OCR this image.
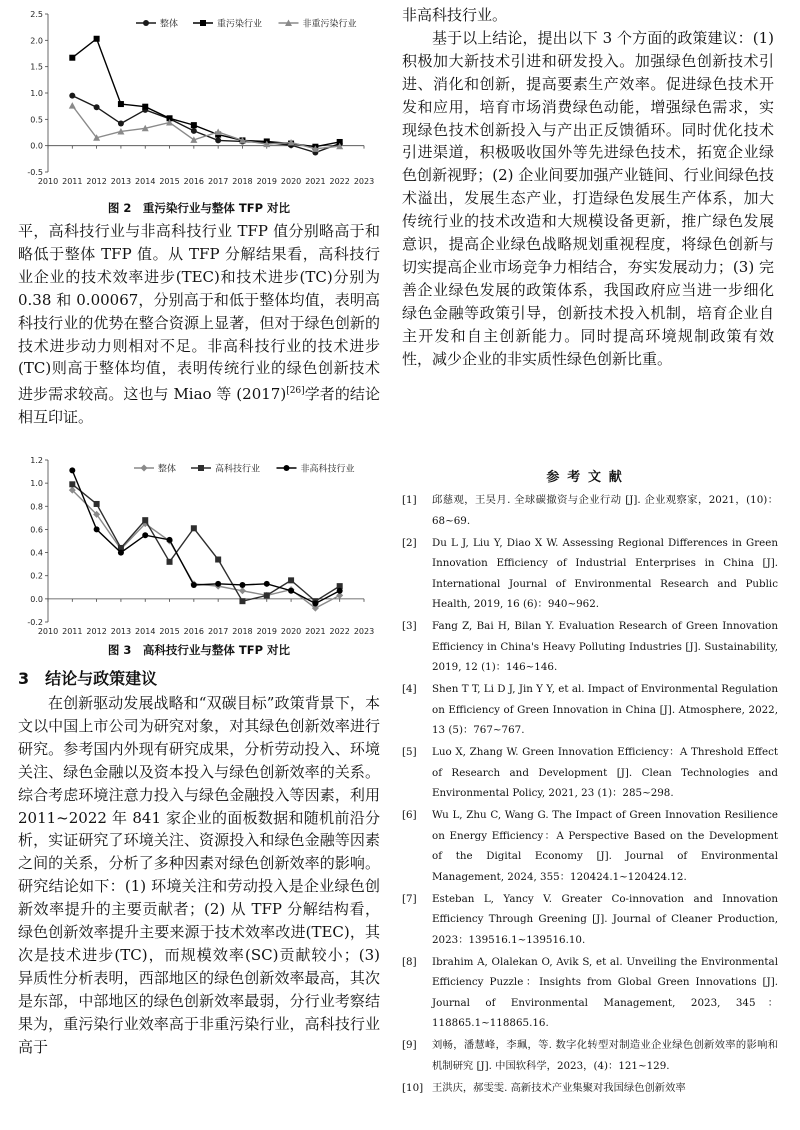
-0.5
0.0
0.5
1.0
1.5
2.0
2.5
2010 2011 2012 2013 2014 2015 2016 2017 2018 2019 2020 2021 2022 2023
整体	重污染行业	非重污染行业
图 2　重污染行业与整体 TFP 对比

平，高科技行业与非高科技行业 TFP 值分别略高于和略低于整体 TFP 值。从 TFP 分解结果看，高科技行业企业的技术效率进步(TEC)和技术进步(TC)分别为 0.38 和 0.00067，分别高于和低于整体均值，表明高科技行业的优势在整合资源上显著，但对于绿色创新的技术进步动力则相对不足。非高科技行业的技术进步(TC)则高于整体均值，表明传统行业的绿色创新技术进步需求较高。这也与 Miao 等 (2017)[26]学者的结论相互印证。

-0.2
0.0
0.2
0.4
0.6
0.8
1.0
1.2
2010 2011 2012 2013 2014 2015 2016 2017 2018 2019 2020 2021 2022 2023
整体	高科技行业	非高科技行业
图 3　高科技行业与整体 TFP 对比
3　结论与政策建议

在创新驱动发展战略和“双碳目标”政策背景下，本文以中国上市公司为研究对象，对其绿色创新效率进行研究。参考国内外现有研究成果，分析劳动投入、环境关注、绿色金融以及资本投入与绿色创新效率的关系。综合考虑环境注意力投入与绿色金融投入等因素，利用 2011~2022 年 841 家企业的面板数据和随机前沿分析，实证研究了环境关注、资源投入和绿色金融等因素之间的关系，分析了多种因素对绿色创新效率的影响。研究结论如下：(1) 环境关注和劳动投入是企业绿色创新效率提升的主要贡献者；(2) 从 TFP 分解结构看，绿色创新效率提升主要来源于技术效率改进(TEC)，其次是技术进步(TC)，而规模效率(SC)贡献较小；(3) 异质性分析表明，西部地区的绿色创新效率最高，其次是东部，中部地区的绿色创新效率最弱，分行业考察结果为，重污染行业效率高于非重污染行业，高科技行业高于

非高科技行业。

基于以上结论，提出以下 3 个方面的政策建议：(1) 积极加大新技术引进和研发投入。加强绿色创新技术引进、消化和创新，提高要素生产效率。促进绿色技术开发和应用，培育市场消费绿色动能，增强绿色需求，实现绿色技术创新投入与产出正反馈循环。同时优化技术引进渠道，积极吸收国外等先进绿色技术，拓宽企业绿色创新视野；(2) 企业间要加强产业链间、行业间绿色技术溢出，发展生态产业，打造绿色发展生产体系，加大传统行业的技术改造和大规模设备更新，推广绿色发展意识，提高企业绿色战略规划重视程度，将绿色创新与切实提高企业市场竞争力相结合，夯实发展动力；(3) 完善企业绿色发展的政策体系，我国政府应当进一步细化绿色金融等政策引导，创新技术投入机制，培育企业自主开发和自主创新能力。同时提高环境规制政策有效性，减少企业的非实质性绿色创新比重。

参考文献
[1]	邱慈观，王昊月. 全球碳撤资与企业行动 [J]. 企业观察家，2021，(10)：68~69.
[2]	Du L J, Liu Y, Diao X W. Assessing Regional Differences in Green Innovation Efficiency of Industrial Enterprises in China [J]. International Journal of Environmental Research and Public Health, 2019, 16 (6)：940~962.
[3]	Fang Z, Bai H, Bilan Y. Evaluation Research of Green Innovation Efficiency in China's Heavy Polluting Industries [J]. Sustainability, 2019, 12 (1)：146~146.
[4]	Shen T T, Li D J, Jin Y Y, et al. Impact of Environmental Regulation on Efficiency of Green Innovation in China [J]. Atmosphere, 2022, 13 (5)：767~767.
[5]	Luo X, Zhang W. Green Innovation Efficiency：A Threshold Effect of Research and Development [J]. Clean Technologies and Environmental Policy, 2021, 23 (1)：285~298.
[6]	Wu L, Zhu C, Wang G. The Impact of Green Innovation Resilience on Energy Efficiency：A Perspective Based on the Development of the Digital Economy [J]. Journal of Environmental Management, 2024, 355：120424.1~120424.12.
[7]	Esteban L, Yancy V. Greater Co-innovation and Innovation Efficiency Through Greening [J]. Journal of Cleaner Production, 2023：139516.1~139516.10.
[8]	Ibrahim A, Olalekan O, Avik S, et al. Unveiling the Environmental Efficiency Puzzle：Insights from Global Green Innovations [J]. Journal of Environmental Management, 2023, 345：118865.1~118865.16.
[9]	刘畅，潘慧峰，李珮，等. 数字化转型对制造业企业绿色创新效率的影响和机制研究 [J]. 中国软科学，2023，(4)：121~129.
[10] 王洪庆，郝雯雯. 高新技术产业集聚对我国绿色创新效率
